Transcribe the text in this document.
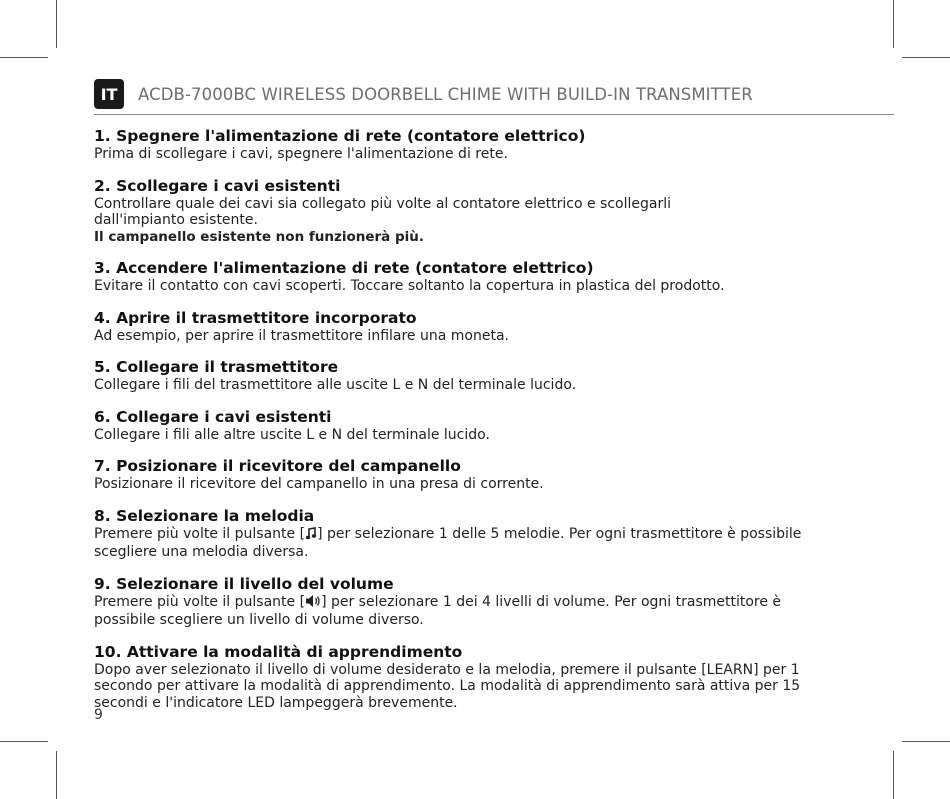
IT	ACDB-7000BC WIRELESS DOORBELL CHIME WITH BUILD-IN TRANSMITTER
1. Spegnere l'alimentazione di rete (contatore elettrico)

Prima di scollegare i cavi, spegnere l'alimentazione di rete.

2. Scollegare i cavi esistenti

Controllare quale dei cavi sia collegato più volte al contatore elettrico e scollegarli dall'impianto esistente.

Il campanello esistente non funzionerà più.

3. Accendere l'alimentazione di rete (contatore elettrico)

Evitare il contatto con cavi scoperti. Toccare soltanto la copertura in plastica del prodotto.

4. Aprire il trasmettitore incorporato

Ad esempio, per aprire il trasmettitore infilare una moneta.

5. Collegare il trasmettitore

Collegare i fili del trasmettitore alle uscite L e N del terminale lucido.

6. Collegare i cavi esistenti

Collegare i fili alle altre uscite L e N del terminale lucido.

7. Posizionare il ricevitore del campanello

Posizionare il ricevitore del campanello in una presa di corrente.

8. Selezionare la melodia

Premere più volte il pulsante [ ] per selezionare 1 delle 5 melodie. Per ogni trasmettitore è possibile scegliere una melodia diversa.

9. Selezionare il livello del volume

Premere più volte il pulsante [ ] per selezionare 1 dei 4 livelli di volume. Per ogni trasmettitore è possibile scegliere un livello di volume diverso.

10. Attivare la modalità di apprendimento

Dopo aver selezionato il livello di volume desiderato e la melodia, premere il pulsante [LEARN] per 1 secondo per attivare la modalità di apprendimento. La modalità di apprendimento sarà attiva per 15 secondi e l'indicatore LED lampeggerà brevemente.

9
